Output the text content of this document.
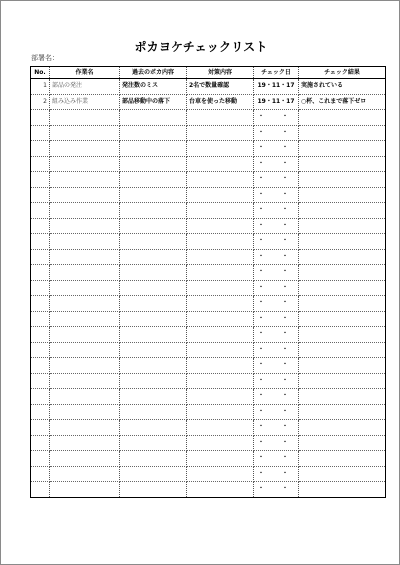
ポカヨケチェックリスト
部署名：
No.	作業名	過去のポカ内容	対策内容	チェック日	チェック結果
1	部品の発注	発注数のミス	2名で数量確認	19・11・17	実施されている
2	組み込み作業	部品移動中の落下	台車を使った移動	19・11・17	○杯、これまで落下ゼロ
				・　・	
				・　・	
				・　・	
				・　・	
				・　・	
				・　・	
				・　・	
				・　・	
				・　・	
				・　・	
				・　・	
				・　・	
				・　・	
				・　・	
				・　・	
				・　・	
				・　・	
				・　・	
				・　・	
				・　・	
				・　・	
				・　・	
				・　・	
				・　・	
				・　・	
